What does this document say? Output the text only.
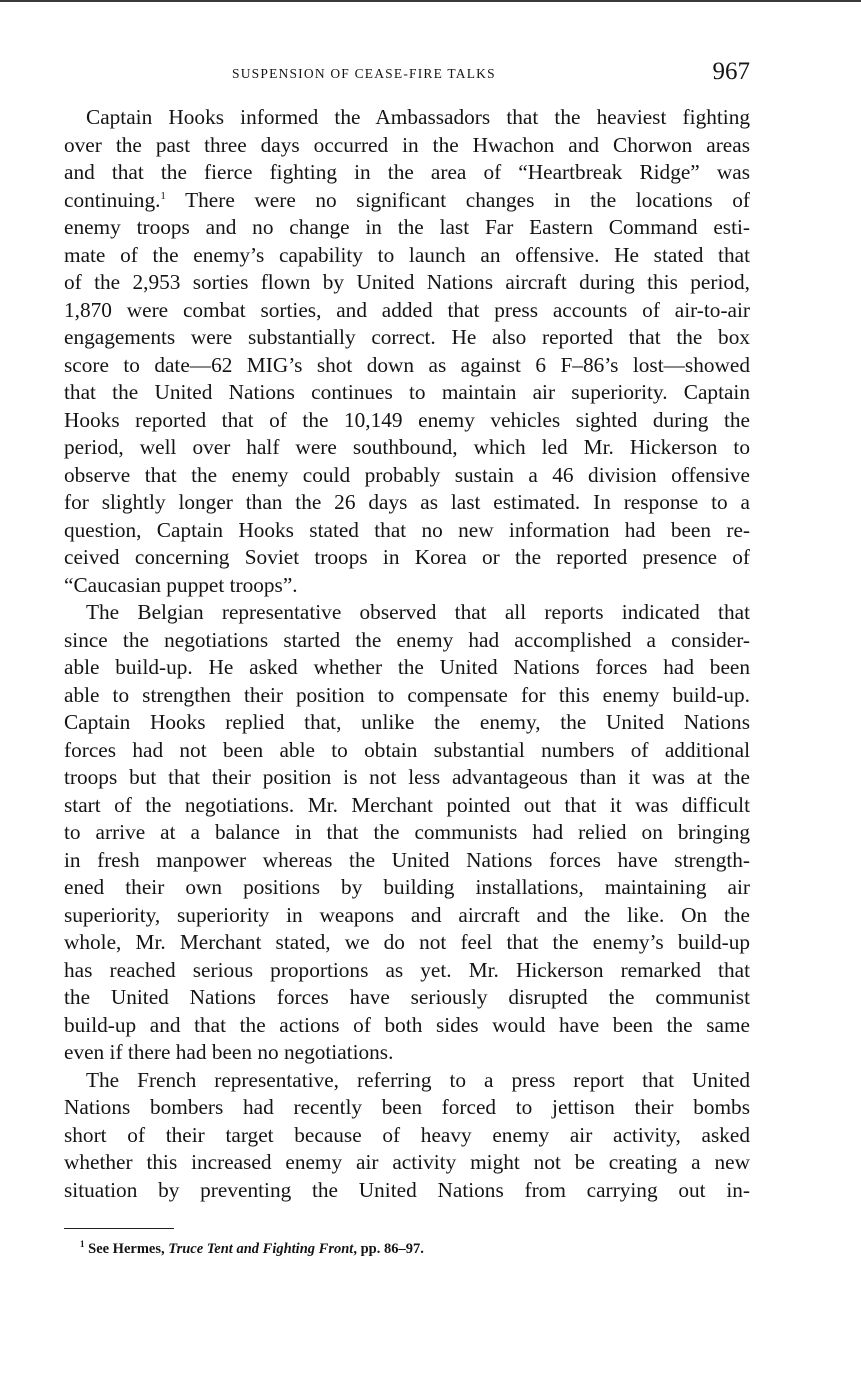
SUSPENSION OF CEASE-FIRE TALKS	967
Captain Hooks informed the Ambassadors that the heaviest fighting
over the past three days occurred in the Hwachon and Chorwon areas
and that the fierce fighting in the area of “Heartbreak Ridge” was
continuing.$^1$ There were no significant changes in the locations of
enemy troops and no change in the last Far Eastern Command esti-
mate of the enemy’s capability to launch an offensive. He stated that
of the 2,953 sorties flown by United Nations aircraft during this period,
1,870 were combat sorties, and added that press accounts of air-to-air
engagements were substantially correct. He also reported that the box
score to date—62 MIG’s shot down as against 6 F–86’s lost—showed
that the United Nations continues to maintain air superiority. Captain
Hooks reported that of the 10,149 enemy vehicles sighted during the
period, well over half were southbound, which led Mr. Hickerson to
observe that the enemy could probably sustain a 46 division offensive
for slightly longer than the 26 days as last estimated. In response to a
question, Captain Hooks stated that no new information had been re-
ceived concerning Soviet troops in Korea or the reported presence of
“Caucasian puppet troops”.
The Belgian representative observed that all reports indicated that
since the negotiations started the enemy had accomplished a consider-
able build-up. He asked whether the United Nations forces had been
able to strengthen their position to compensate for this enemy build-up.
Captain Hooks replied that, unlike the enemy, the United Nations
forces had not been able to obtain substantial numbers of additional
troops but that their position is not less advantageous than it was at the
start of the negotiations. Mr. Merchant pointed out that it was difficult
to arrive at a balance in that the communists had relied on bringing
in fresh manpower whereas the United Nations forces have strength-
ened their own positions by building installations, maintaining air
superiority, superiority in weapons and aircraft and the like. On the
whole, Mr. Merchant stated, we do not feel that the enemy’s build-up
has reached serious proportions as yet. Mr. Hickerson remarked that
the United Nations forces have seriously disrupted the communist
build-up and that the actions of both sides would have been the same
even if there had been no negotiations.
The French representative, referring to a press report that United
Nations bombers had recently been forced to jettison their bombs
short of their target because of heavy enemy air activity, asked
whether this increased enemy air activity might not be creating a new
situation by preventing the United Nations from carrying out in-
$^1$ See Hermes, Truce Tent and Fighting Front, pp. 86–97.
